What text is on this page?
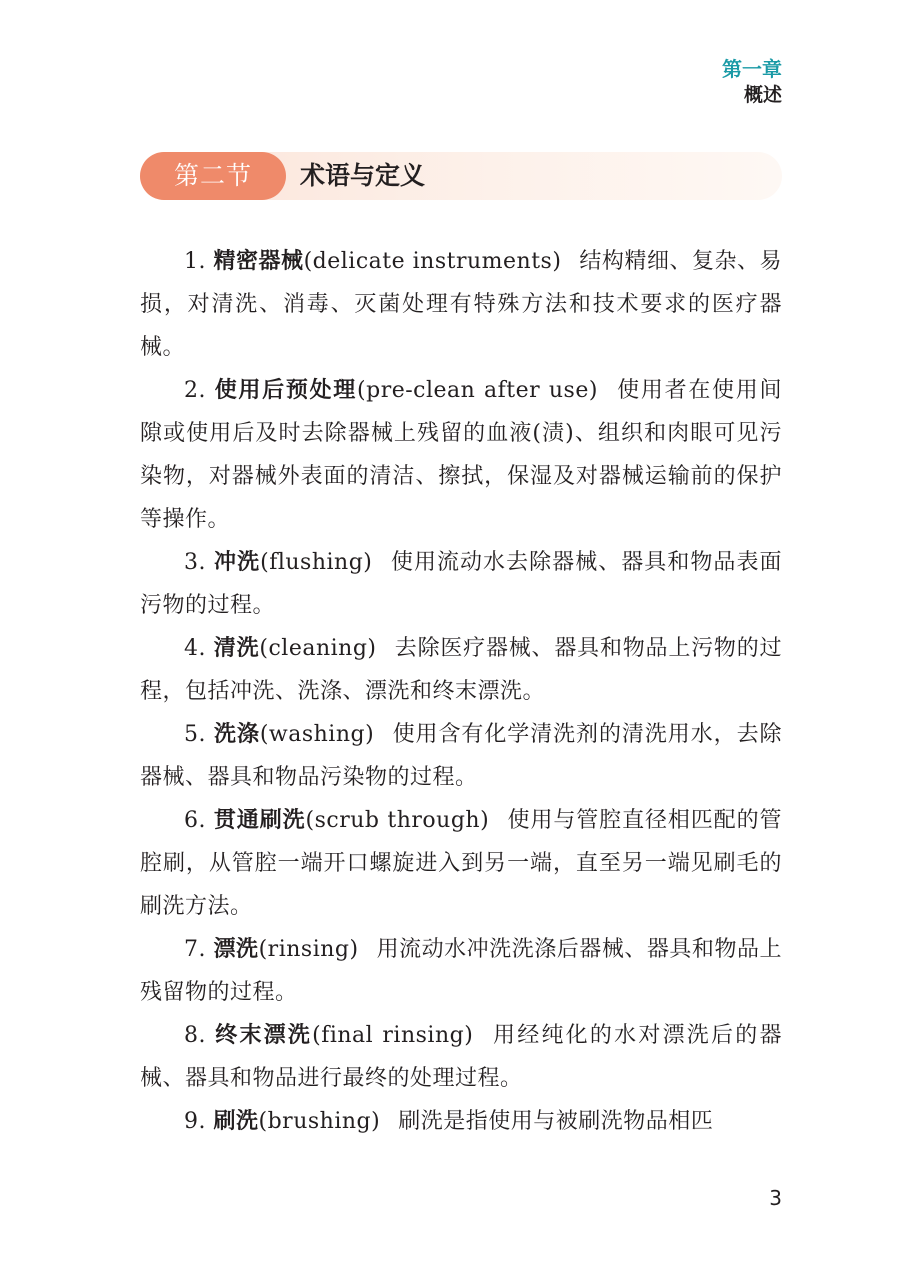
第一章
概述
第二节	术语与定义

1. 精密器械(delicate instruments) 结构精细、复杂、易损，对清洗、消毒、灭菌处理有特殊方法和技术要求的医疗器械。

2. 使用后预处理(pre-clean after use) 使用者在使用间隙或使用后及时去除器械上残留的血液(渍)、组织和肉眼可见污染物，对器械外表面的清洁、擦拭，保湿及对器械运输前的保护等操作。

3. 冲洗(flushing) 使用流动水去除器械、器具和物品表面污物的过程。

4. 清洗(cleaning) 去除医疗器械、器具和物品上污物的过程，包括冲洗、洗涤、漂洗和终末漂洗。

5. 洗涤(washing) 使用含有化学清洗剂的清洗用水，去除器械、器具和物品污染物的过程。

6. 贯通刷洗(scrub through) 使用与管腔直径相匹配的管腔刷，从管腔一端开口螺旋进入到另一端，直至另一端见刷毛的刷洗方法。

7. 漂洗(rinsing) 用流动水冲洗洗涤后器械、器具和物品上残留物的过程。

8. 终末漂洗(final rinsing) 用经纯化的水对漂洗后的器械、器具和物品进行最终的处理过程。

9. 刷洗(brushing) 刷洗是指使用与被刷洗物品相匹

3
